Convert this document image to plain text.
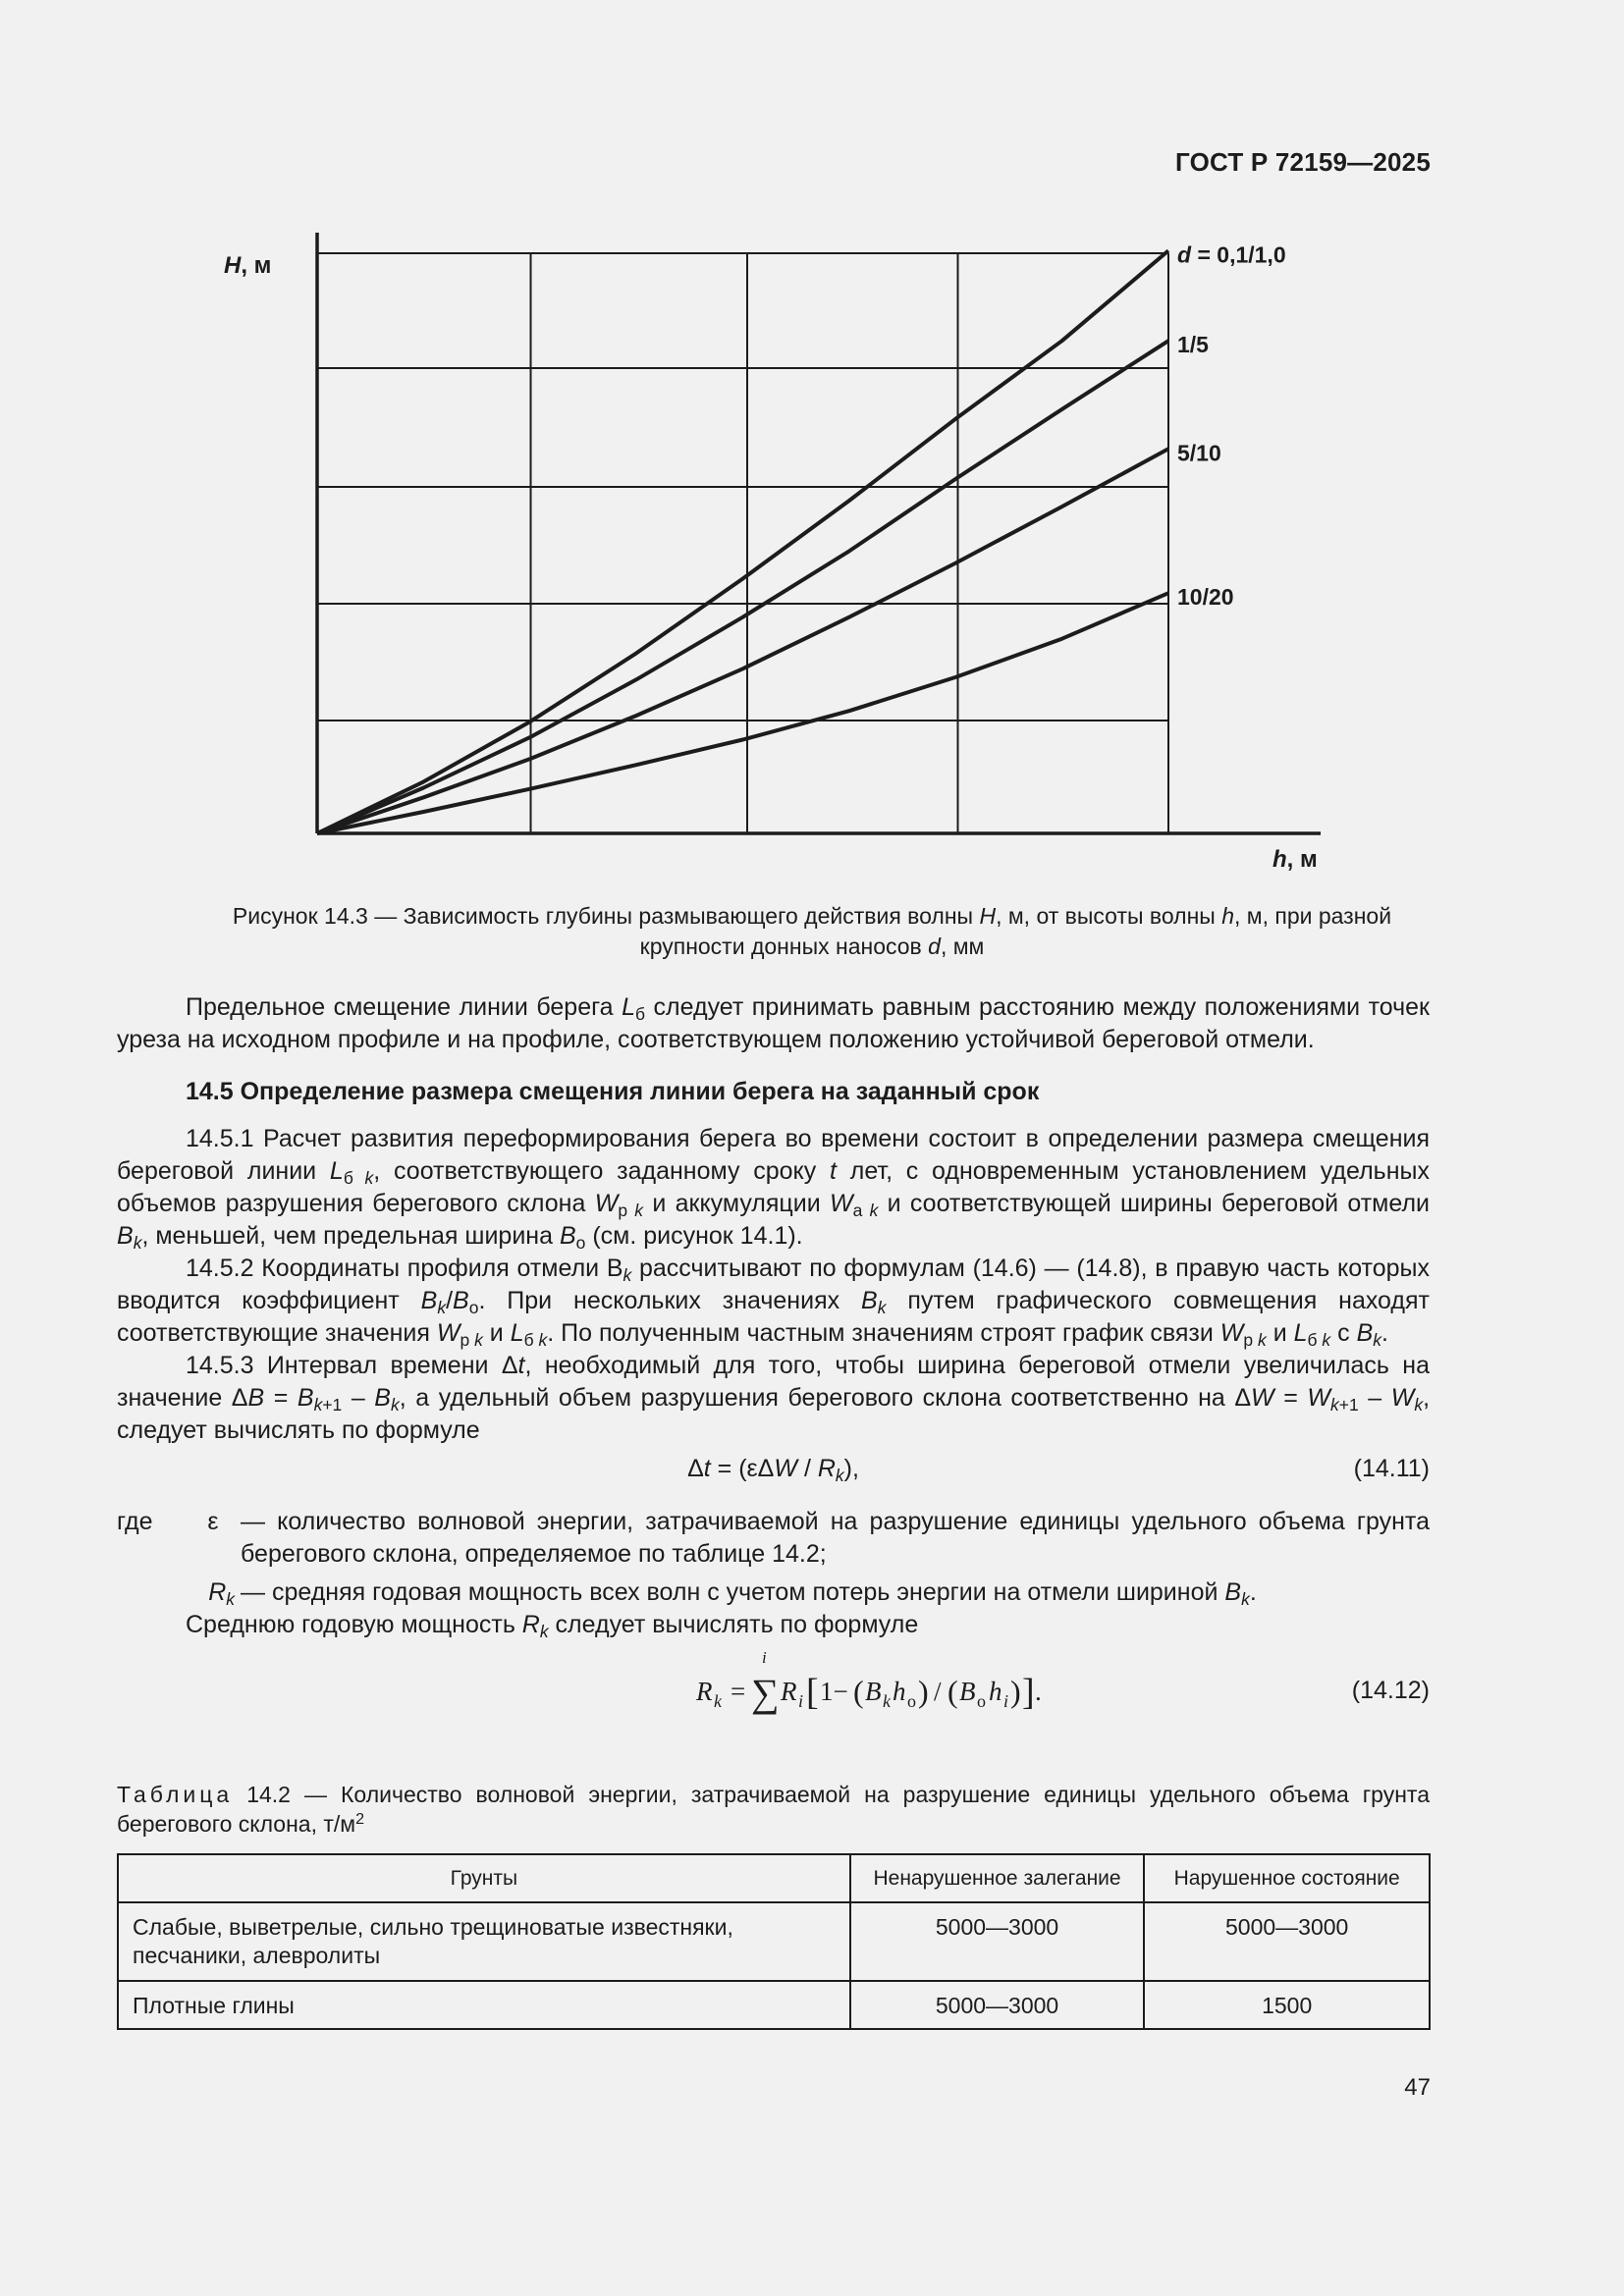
ГОСТ Р 72159—2025
d = 0,1/1,0
1/5
5/10
10/20
H, м
h, м
Рисунок 14.3 — Зависимость глубины размывающего действия волны H, м, от высоты волны h, м, при разной
крупности донных наносов d, мм

Предельное смещение линии берега $L_б$ следует принимать равным расстоянию между положениями точек уреза на исходном профиле и на профиле, соответствующем положению устойчивой береговой отмели.

14.5 Определение размера смещения линии берега на заданный срок

14.5.1 Расчет развития переформирования берега во времени состоит в определении размера смещения береговой линии $L_{б k}$, соответствующего заданному сроку t лет, с одновременным установлением удельных объемов разрушения берегового склона $W_{р k}$ и аккумуляции $W_{а k}$ и соответствующей ширины береговой отмели $B_k$, меньшей, чем предельная ширина $B_о$ (см. рисунок 14.1).

14.5.2 Координаты профиля отмели $B_k$ рассчитывают по формулам (14.6) — (14.8), в правую часть которых вводится коэффициент $B_k/B_о$. При нескольких значениях $B_k$ путем графического совмещения находят соответствующие значения $W_{р k}$ и $L_{б k}$. По полученным частным значениям строят график связи $W_{р k}$ и $L_{б k}$ с $B_k$.

14.5.3 Интервал времени Δt, необходимый для того, чтобы ширина береговой отмели увеличилась на значение $\Delta B = B_{k+1} - B_k$, а удельный объем разрушения берегового склона соответственно на $\Delta W = W_{k+1} - W_k$, следует вычислять по формуле

$\Delta t = (\varepsilon\Delta W / R_k)$,	(14.11)
где	ε — количество волновой энергии, затрачиваемой на разрушение единицы удельного объема грунта берегового склона, определяемое по таблице 14.2;
$R_k$ — средняя годовая мощность всех волн с учетом потерь энергии на отмели шириной $B_k$.

Среднюю годовую мощность $R_k$ следует вычислять по формуле

R k =
i
∑ R i [ 1− ( B k h о ) / ( B о h i ) ] .	(14.12)
Таблица 14.2 — Количество волновой энергии, затрачиваемой на разрушение единицы удельного объема грунта берегового склона, $т/м^2$
Грунты	Ненарушенное залегание	Нарушенное состояние
Слабые, выветрелые, сильно трещиноватые известняки, песчаники, алевролиты	5000—3000	5000—3000
Плотные глины	5000—3000	1500
47
